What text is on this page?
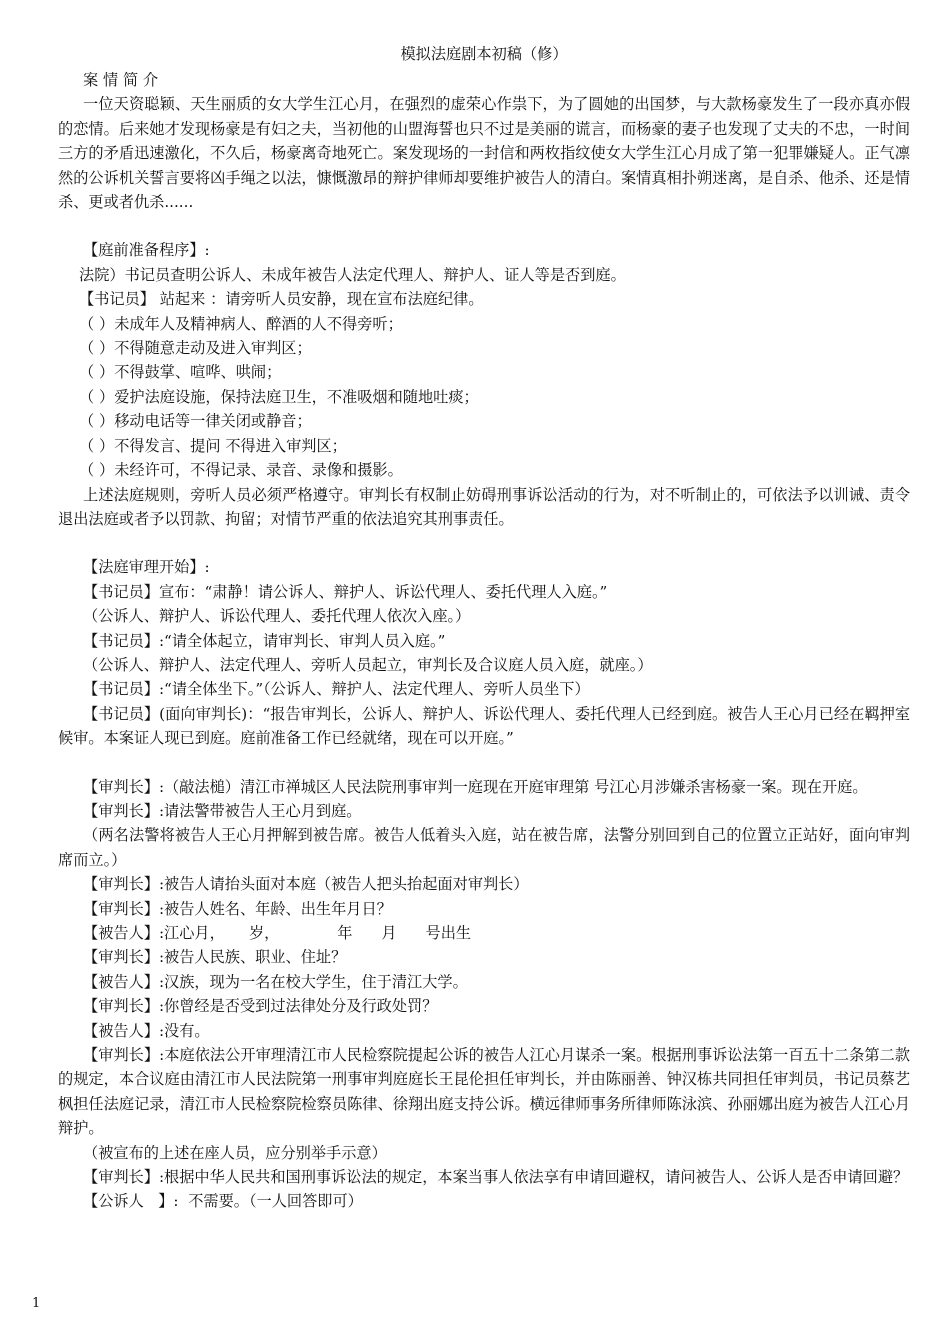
模拟法庭剧本初稿（修）

案 情 简 介

一位天资聪颖、天生丽质的女大学生江心月，在强烈的虚荣心作祟下，为了圆她的出国梦，与大款杨豪发生了一段亦真亦假的恋情。后来她才发现杨豪是有妇之夫，当初他的山盟海誓也只不过是美丽的谎言，而杨豪的妻子也发现了丈夫的不忠，一时间三方的矛盾迅速激化，不久后，杨豪离奇地死亡。案发现场的一封信和两枚指纹使女大学生江心月成了第一犯罪嫌疑人。正气凛然的公诉机关誓言要将凶手绳之以法，慷慨激昂的辩护律师却要维护被告人的清白。案情真相扑朔迷离，是自杀、他杀、还是情杀、更或者仇杀......

【庭前准备程序】:

法院）书记员查明公诉人、未成年被告人法定代理人、辩护人、证人等是否到庭。

【书记员】 站起来 ：请旁听人员安静，现在宣布法庭纪律。

（ ）未成年人及精神病人、醉酒的人不得旁听；

（ ）不得随意走动及进入审判区；

（ ）不得鼓掌、喧哗、哄闹；

（ ）爱护法庭设施，保持法庭卫生，不准吸烟和随地吐痰；

（ ）移动电话等一律关闭或静音；

（ ）不得发言、提问 不得进入审判区；

（ ）未经许可，不得记录、录音、录像和摄影。

上述法庭规则，旁听人员必须严格遵守。审判长有权制止妨碍刑事诉讼活动的行为，对不听制止的，可依法予以训诫、责令退出法庭或者予以罚款、拘留；对情节严重的依法追究其刑事责任。

【法庭审理开始】:

【书记员】宣布：“肃静！请公诉人、辩护人、诉讼代理人、委托代理人入庭。”

（公诉人、辩护人、诉讼代理人、委托代理人依次入座。）

【书记员】:“请全体起立，请审判长、审判人员入庭。”

（公诉人、辩护人、法定代理人、旁听人员起立，审判长及合议庭人员入庭，就座。）

【书记员】:“请全体坐下。”（公诉人、辩护人、法定代理人、旁听人员坐下）

【书记员】(面向审判长)：“报告审判长，公诉人、辩护人、诉讼代理人、委托代理人已经到庭。被告人王心月已经在羁押室候审。本案证人现已到庭。庭前准备工作已经就绪，现在可以开庭。”

【审判长】:（敲法槌）清江市禅城区人民法院刑事审判一庭现在开庭审理第 号江心月涉嫌杀害杨豪一案。现在开庭。

【审判长】:请法警带被告人王心月到庭。

（两名法警将被告人王心月押解到被告席。被告人低着头入庭，站在被告席，法警分别回到自己的位置立正站好，面向审判席而立。）

【审判长】:被告人请抬头面对本庭（被告人把头抬起面对审判长）

【审判长】:被告人姓名、年龄、出生年月日？

【被告人】:江心月，     岁，            年      月      号出生

【审判长】:被告人民族、职业、住址？

【被告人】:汉族，现为一名在校大学生，住于清江大学。

【审判长】:你曾经是否受到过法律处分及行政处罚？

【被告人】:没有。

【审判长】:本庭依法公开审理清江市人民检察院提起公诉的被告人江心月谋杀一案。根据刑事诉讼法第一百五十二条第二款的规定，本合议庭由清江市人民法院第一刑事审判庭庭长王昆伦担任审判长，并由陈丽善、钟汉栋共同担任审判员，书记员蔡艺枫担任法庭记录，清江市人民检察院检察员陈律、徐翔出庭支持公诉。横远律师事务所律师陈泳滨、孙丽娜出庭为被告人江心月辩护。

（被宣布的上述在座人员，应分别举手示意）

【审判长】:根据中华人民共和国刑事诉讼法的规定，本案当事人依法享有申请回避权，请问被告人、公诉人是否申请回避？

【公诉人   】:  不需要。（一人回答即可）

1
